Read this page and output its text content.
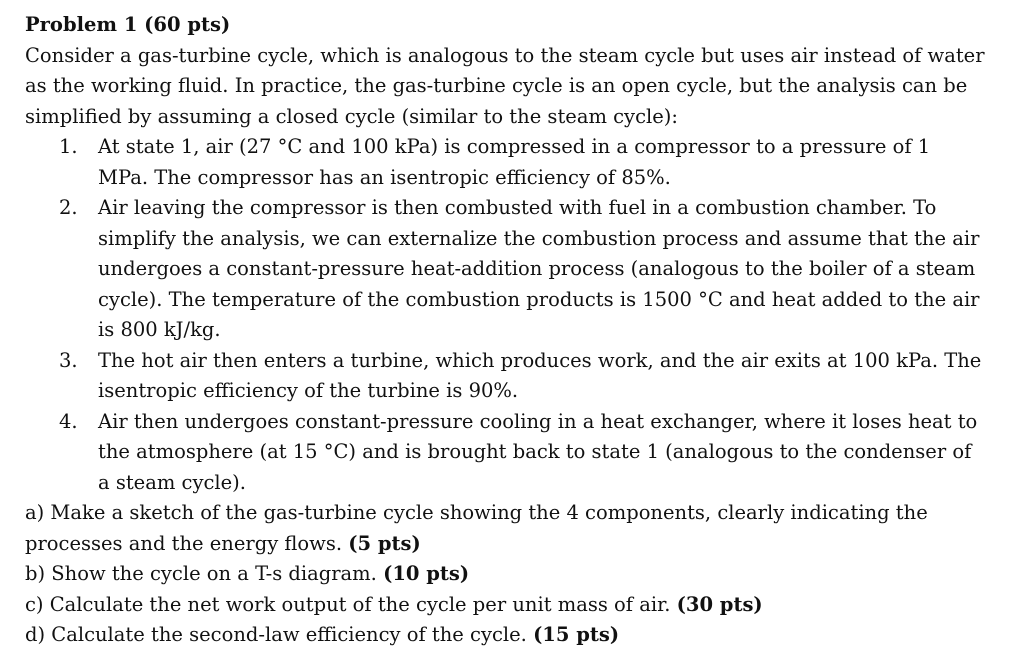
Problem 1 (60 pts)

Consider a gas-turbine cycle, which is analogous to the steam cycle but uses air instead of water as the working fluid. In practice, the gas-turbine cycle is an open cycle, but the analysis can be simplified by assuming a closed cycle (similar to the steam cycle):

1. At state 1, air (27 °C and 100 kPa) is compressed in a compressor to a pressure of 1 MPa. The compressor has an isentropic efficiency of 85%.
2. Air leaving the compressor is then combusted with fuel in a combustion chamber. To simplify the analysis, we can externalize the combustion process and assume that the air undergoes a constant-pressure heat-addition process (analogous to the boiler of a steam cycle). The temperature of the combustion products is 1500 °C and heat added to the air is 800 kJ/kg.
3. The hot air then enters a turbine, which produces work, and the air exits at 100 kPa. The isentropic efficiency of the turbine is 90%.
4. Air then undergoes constant-pressure cooling in a heat exchanger, where it loses heat to the atmosphere (at 15 °C) and is brought back to state 1 (analogous to the condenser of a steam cycle).

a) Make a sketch of the gas-turbine cycle showing the 4 components, clearly indicating the processes and the energy flows. (5 pts)

b) Show the cycle on a T-s diagram. (10 pts)

c) Calculate the net work output of the cycle per unit mass of air. (30 pts)

d) Calculate the second-law efficiency of the cycle. (15 pts)
